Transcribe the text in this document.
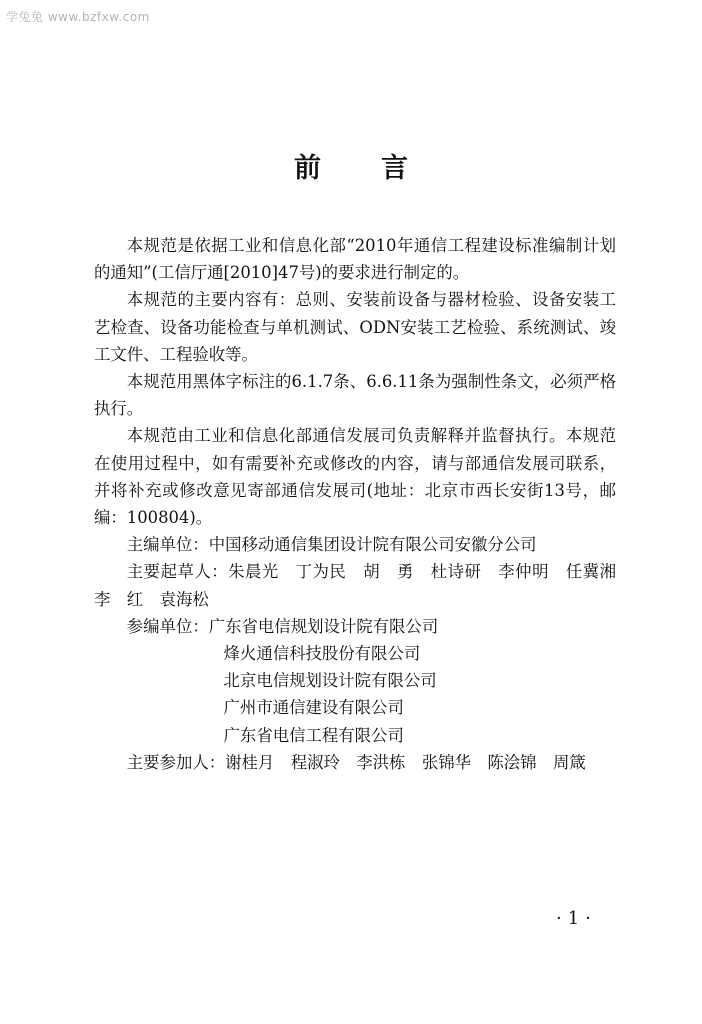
学兔兔 www.bzfxw.com
前言

本规范是依据工业和信息化部“2010年通信工程建设标准编制计划的通知”(工信厅通[2010]47号)的要求进行制定的。

本规范的主要内容有：总则、安装前设备与器材检验、设备安装工艺检查、设备功能检查与单机测试、ODN安装工艺检验、系统测试、竣工文件、工程验收等。

本规范用黑体字标注的6.1.7条、6.6.11条为强制性条文，必须严格执行。

本规范由工业和信息化部通信发展司负责解释并监督执行。本规范在使用过程中，如有需要补充或修改的内容，请与部通信发展司联系，并将补充或修改意见寄部通信发展司(地址：北京市西长安街13号，邮编：100804)。

主编单位：中国移动通信集团设计院有限公司安徽分公司

主要起草人：朱晨光　丁为民　胡　勇　杜诗研　李仲明　任冀湘　李　红　袁海松

参编单位：广东省电信规划设计院有限公司

烽火通信科技股份有限公司

北京电信规划设计院有限公司

广州市通信建设有限公司

广东省电信工程有限公司

主要参加人：谢桂月　程淑玲　李洪栋　张锦华　陈浍锦　周箴

·1·
